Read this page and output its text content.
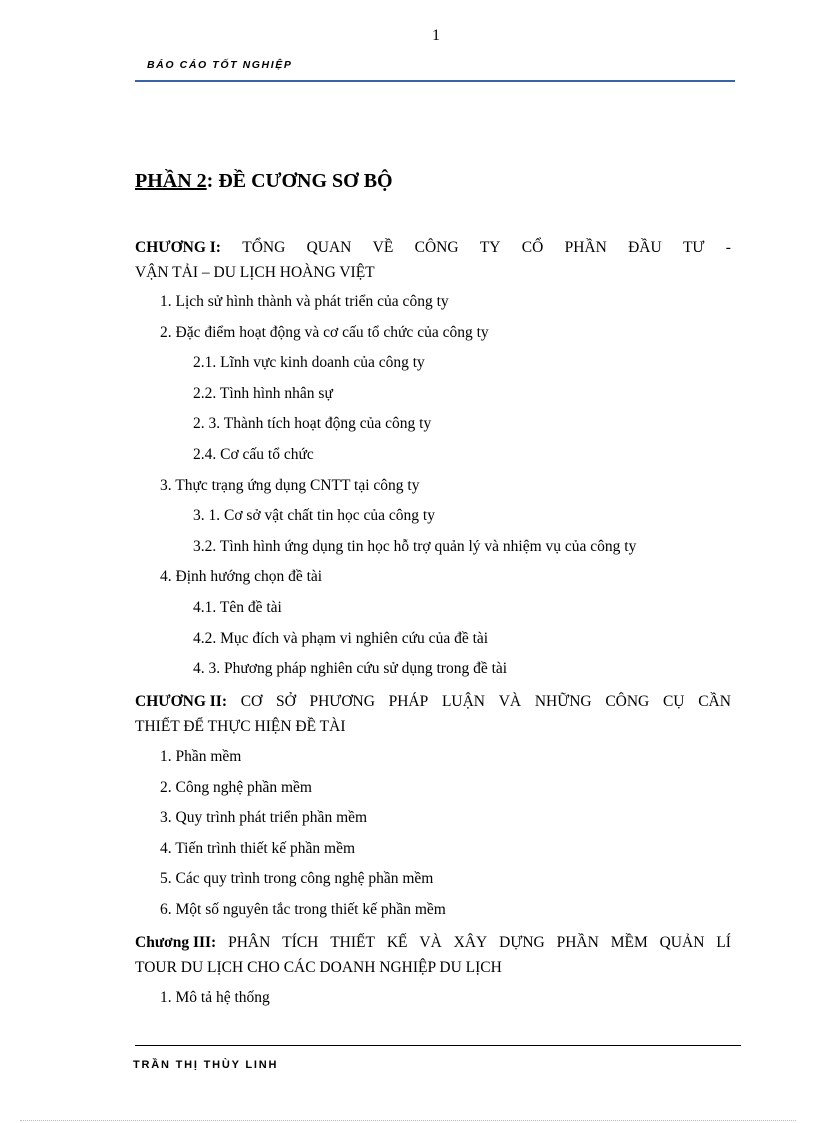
1
BÁO CÁO TỐT NGHIỆP
PHẦN 2: ĐỀ CƯƠNG SƠ BỘ
CHƯƠNG I: TỔNG QUAN VỀ CÔNG TY CỔ PHẦN ĐẦU TƯ -
VẬN TẢI – DU LỊCH HOÀNG VIỆT
1. Lịch sử hình thành và phát triển của công ty
2. Đặc điểm hoạt động và cơ cấu tổ chức của công ty
2.1. Lĩnh vực kinh doanh của công ty
2.2. Tình hình nhân sự
2. 3. Thành tích hoạt động của công ty
2.4. Cơ cấu tổ chức
3. Thực trạng ứng dụng CNTT tại công ty
3. 1. Cơ sở vật chất tin học của công ty
3.2. Tình hình ứng dụng tin học hỗ trợ quản lý và nhiệm vụ của công ty
4. Định hướng chọn đề tài
4.1. Tên đề tài
4.2. Mục đích và phạm vi nghiên cứu của đề tài
4. 3. Phương pháp nghiên cứu sử dụng trong đề tài
CHƯƠNG II: CƠ SỞ PHƯƠNG PHÁP LUẬN VÀ NHỮNG CÔNG CỤ CẦN
THIẾT ĐỂ THỰC HIỆN ĐỀ TÀI
1. Phần mềm
2. Công nghệ phần mềm
3. Quy trình phát triển phần mềm
4. Tiến trình thiết kế phần mềm
5. Các quy trình trong công nghệ phần mềm
6. Một số nguyên tắc trong thiết kế phần mềm
Chương III: PHÂN TÍCH THIẾT KẾ VÀ XÂY DỰNG PHẦN MỀM QUẢN LÍ
TOUR DU LỊCH CHO CÁC DOANH NGHIỆP DU LỊCH
1. Mô tả hệ thống
TRẦN THỊ THÙY LINH
